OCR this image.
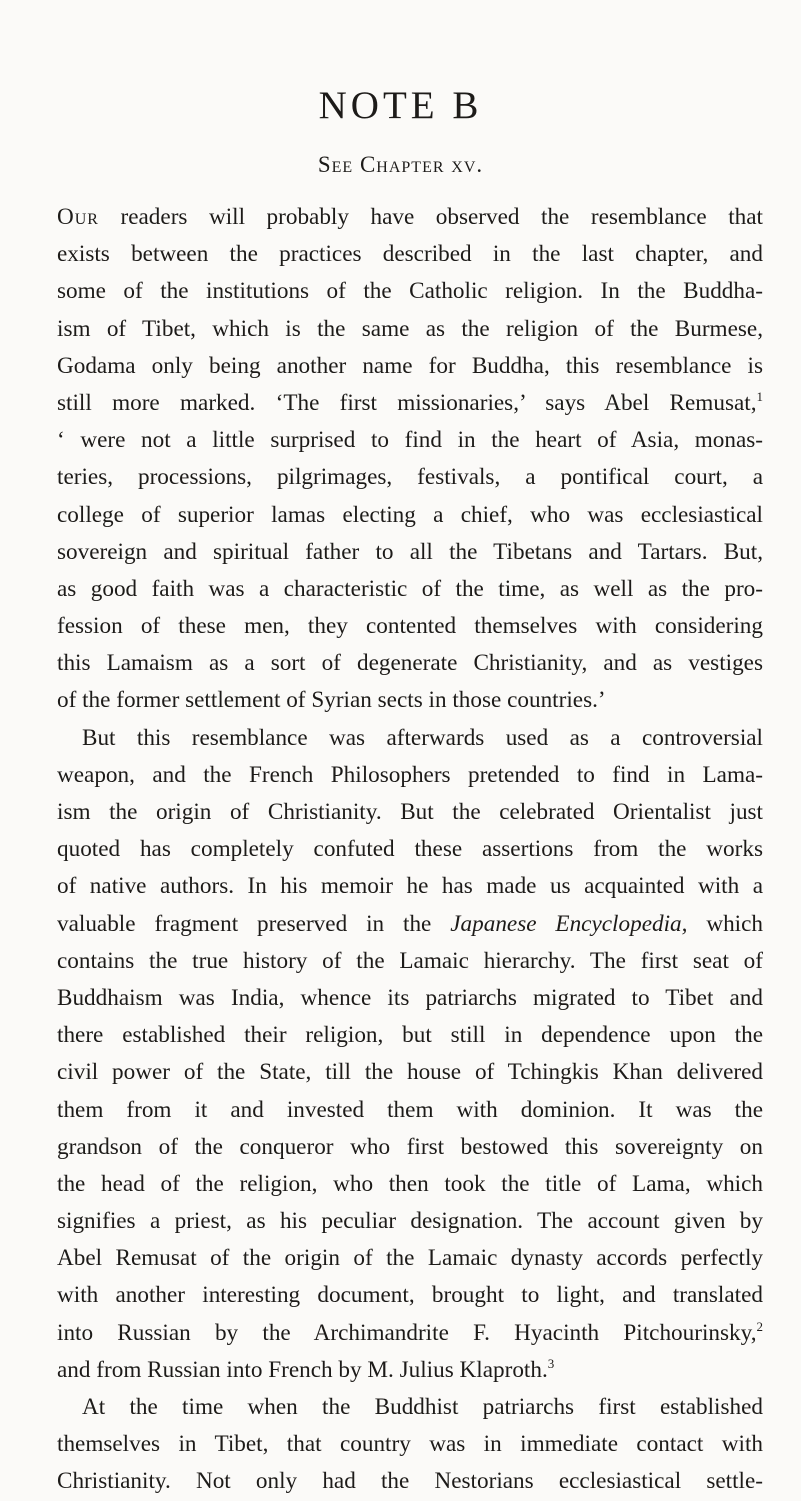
NOTE B
See Chapter xv.
Our readers will probably have observed the resemblance that
exists between the practices described in the last chapter, and
some of the institutions of the Catholic religion. In the Buddha-
ism of Tibet, which is the same as the religion of the Burmese,
Godama only being another name for Buddha, this resemblance is
still more marked. ‘The first missionaries,’ says Abel Remusat,$^1$
‘ were not a little surprised to find in the heart of Asia, monas-
teries, processions, pilgrimages, festivals, a pontifical court, a
college of superior lamas electing a chief, who was ecclesiastical
sovereign and spiritual father to all the Tibetans and Tartars. But,
as good faith was a characteristic of the time, as well as the pro-
fession of these men, they contented themselves with considering
this Lamaism as a sort of degenerate Christianity, and as vestiges
of the former settlement of Syrian sects in those countries.’
But this resemblance was afterwards used as a controversial
weapon, and the French Philosophers pretended to find in Lama-
ism the origin of Christianity. But the celebrated Orientalist just
quoted has completely confuted these assertions from the works
of native authors. In his memoir he has made us acquainted with a
valuable fragment preserved in the Japanese Encyclopedia, which
contains the true history of the Lamaic hierarchy. The first seat of
Buddhaism was India, whence its patriarchs migrated to Tibet and
there established their religion, but still in dependence upon the
civil power of the State, till the house of Tchingkis Khan delivered
them from it and invested them with dominion. It was the
grandson of the conqueror who first bestowed this sovereignty on
the head of the religion, who then took the title of Lama, which
signifies a priest, as his peculiar designation. The account given by
Abel Remusat of the origin of the Lamaic dynasty accords perfectly
with another interesting document, brought to light, and translated
into Russian by the Archimandrite F. Hyacinth Pitchourinsky,$^2$
and from Russian into French by M. Julius Klaproth.$^3$
At the time when the Buddhist patriarchs first established
themselves in Tibet, that country was in immediate contact with
Christianity. Not only had the Nestorians ecclesiastical settle-
